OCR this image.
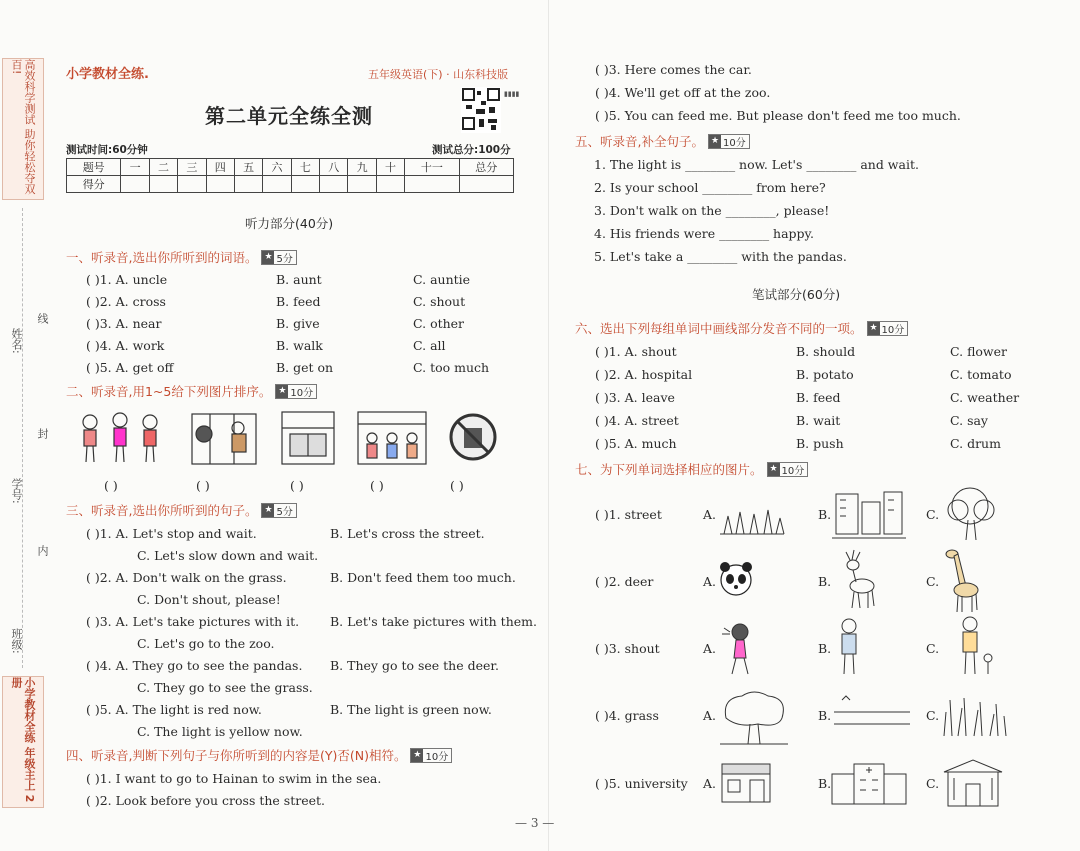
高效科学测试 助你轻松夺双百!
姓名:
线
封
学号:
内
班级:
小学教材全练 年级主上 2 册
小学教材全练.	五年级英语(下) · 山东科技版
▮▮▮▮
第二单元全练全测
测试时间:60分钟	测试总分:100分
题号	一	二	三	四	五	六	七	八	九	十	十一	总分
得分												
听力部分(40分)
一、听录音,选出你所听到的词语。 ★ 5分
( )1. A. uncle	B. aunt	C. auntie
( )2. A. cross	B. feed	C. shout
( )3. A. near	B. give	C. other
( )4. A. work	B. walk	C. all
( )5. A. get off	B. get on	C. too much
二、听录音,用1~5给下列图片排序。 ★ 10分
( )	( )	( )	( )	( )
三、听录音,选出你所听到的句子。 ★ 5分
( )1. A. Let's stop and wait.	B. Let's cross the street.
C. Let's slow down and wait.
( )2. A. Don't walk on the grass.	B. Don't feed them too much.
C. Don't shout, please!
( )3. A. Let's take pictures with it. B. Let's take pictures with them.
C. Let's go to the zoo.
( )4. A. They go to see the pandas. B. They go to see the deer.
C. They go to see the grass.
( )5. A. The light is red now.	B. The light is green now.
C. The light is yellow now.
四、听录音,判断下列句子与你所听到的内容是(Y)否(N)相符。 ★ 10分
( )1. I want to go to Hainan to swim in the sea.
( )2. Look before you cross the street.
( )3. Here comes the car.
( )4. We'll get off at the zoo.
( )5. You can feed me. But please don't feed me too much.
五、听录音,补全句子。 ★ 10分
1. The light is ________ now. Let's ________ and wait.
2. Is your school ________ from here?
3. Don't walk on the ________, please!
4. His friends were ________ happy.
5. Let's take a ________ with the pandas.
笔试部分(60分)
六、选出下列每组单词中画线部分发音不同的一项。 ★ 10分
( )1. A. shout	B. should	C. flower
( )2. A. hospital	B. potato	C. tomato
( )3. A. leave	B. feed	C. weather
( )4. A. street	B. wait	C. say
( )5. A. much	B. push	C. drum
七、为下列单词选择相应的图片。 ★ 10分
( )1. street	A.	B.	C.
( )2. deer	A.	B.	C.
( )3. shout	A.	B.	C.
( )4. grass	A.	B.	C.
( )5. university A.	B.	C.
— 3 —
